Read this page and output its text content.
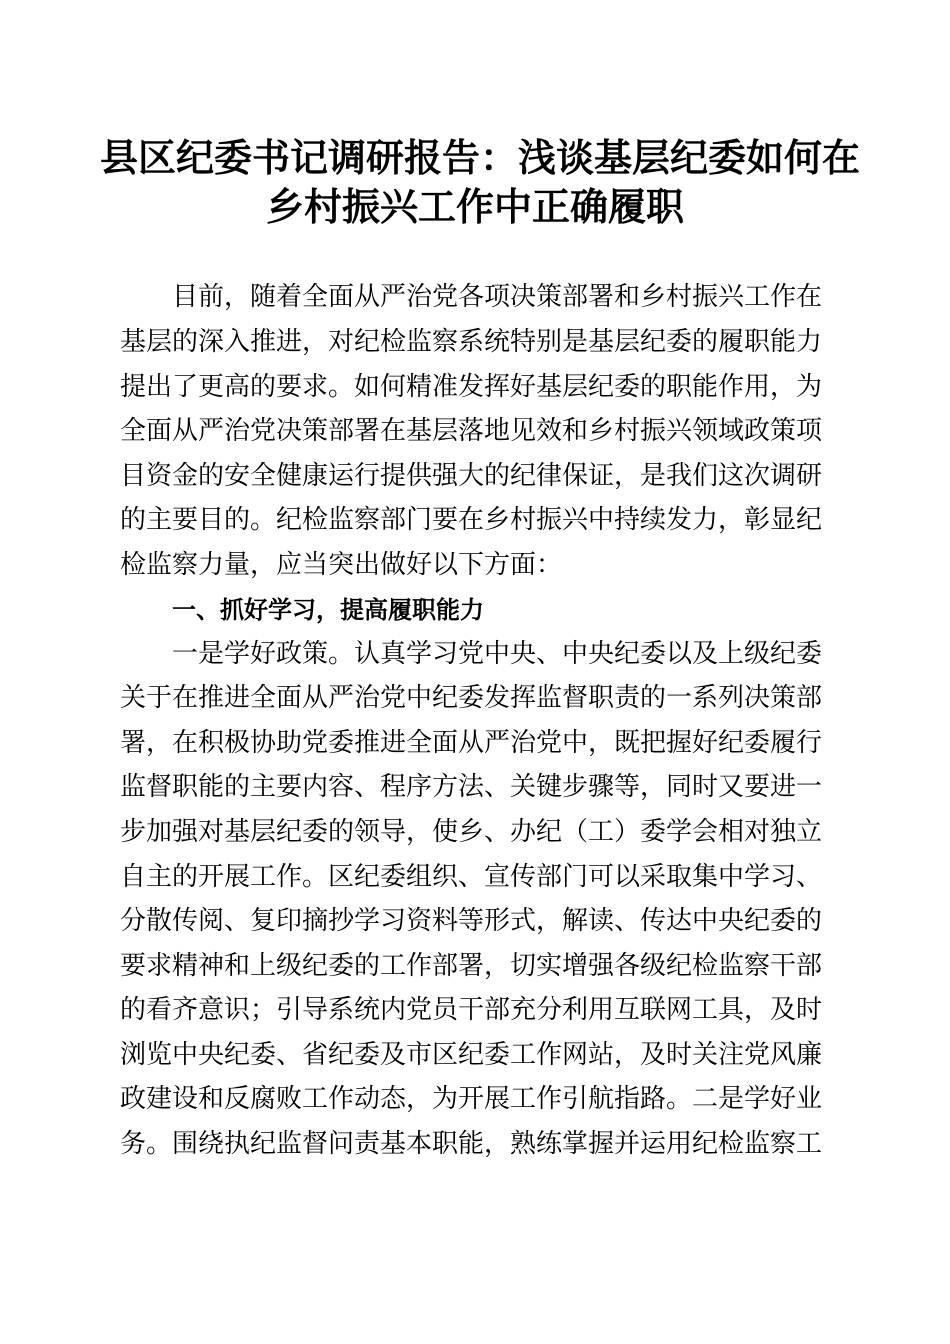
县区纪委书记调研报告：浅谈基层纪委如何在
乡村振兴工作中正确履职
目前，随着全面从严治党各项决策部署和乡村振兴工作在
基层的深入推进，对纪检监察系统特别是基层纪委的履职能力
提出了更高的要求。如何精准发挥好基层纪委的职能作用，为
全面从严治党决策部署在基层落地见效和乡村振兴领域政策项
目资金的安全健康运行提供强大的纪律保证，是我们这次调研
的主要目的。纪检监察部门要在乡村振兴中持续发力，彰显纪
检监察力量，应当突出做好以下方面：
一、抓好学习，提高履职能力
一是学好政策。认真学习党中央、中央纪委以及上级纪委
关于在推进全面从严治党中纪委发挥监督职责的一系列决策部
署，在积极协助党委推进全面从严治党中，既把握好纪委履行
监督职能的主要内容、程序方法、关键步骤等，同时又要进一
步加强对基层纪委的领导，使乡、办纪（工）委学会相对独立
自主的开展工作。区纪委组织、宣传部门可以采取集中学习、
分散传阅、复印摘抄学习资料等形式，解读、传达中央纪委的
要求精神和上级纪委的工作部署，切实增强各级纪检监察干部
的看齐意识；引导系统内党员干部充分利用互联网工具，及时
浏览中央纪委、省纪委及市区纪委工作网站，及时关注党风廉
政建设和反腐败工作动态，为开展工作引航指路。二是学好业
务。围绕执纪监督问责基本职能，熟练掌握并运用纪检监察工
